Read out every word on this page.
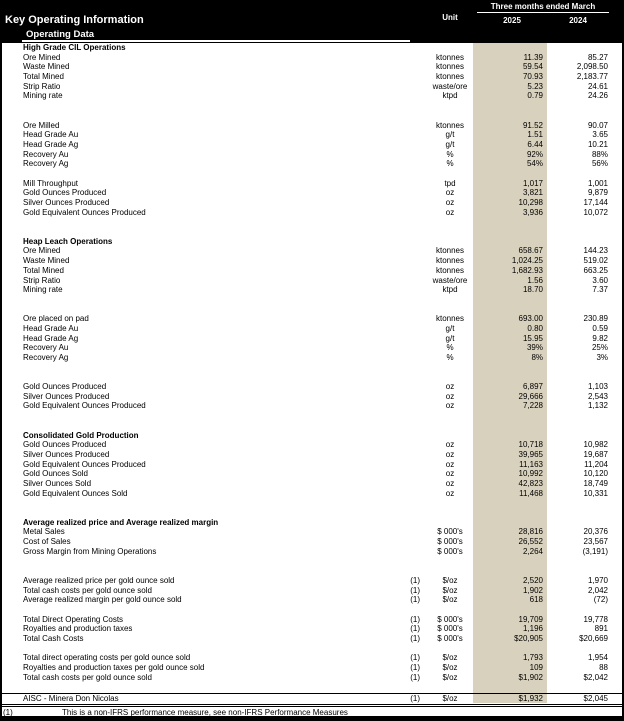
Key Operating Information
Operating Data
Unit
Three months ended March
2025	2024
High Grade CIL Operations
Ore Mined	ktonnes	11.39	85.27
Waste Mined	ktonnes	59.54	2,098.50
Total Mined	ktonnes	70.93	2,183.77
Strip Ratio	waste/ore	5.23	24.61
Mining rate	ktpd	0.79	24.26
Ore Milled	ktonnes	91.52	90.07
Head Grade Au	g/t	1.51	3.65
Head Grade Ag	g/t	6.44	10.21
Recovery Au	%	92%	88%
Recovery Ag	%	54%	56%
Mill Throughput	tpd	1,017	1,001
Gold Ounces Produced	oz	3,821	9,879
Silver Ounces Produced	oz	10,298	17,144
Gold Equivalent Ounces Produced	oz	3,936	10,072
Heap Leach Operations
Ore Mined	ktonnes	658.67	144.23
Waste Mined	ktonnes	1,024.25	519.02
Total Mined	ktonnes	1,682.93	663.25
Strip Ratio	waste/ore	1.56	3.60
Mining rate	ktpd	18.70	7.37
Ore placed on pad	ktonnes	693.00	230.89
Head Grade Au	g/t	0.80	0.59
Head Grade Ag	g/t	15.95	9.82
Recovery Au	%	39%	25%
Recovery Ag	%	8%	3%
Gold Ounces Produced	oz	6,897	1,103
Silver Ounces Produced	oz	29,666	2,543
Gold Equivalent Ounces Produced	oz	7,228	1,132
Consolidated Gold Production
Gold Ounces Produced	oz	10,718	10,982
Silver Ounces Produced	oz	39,965	19,687
Gold Equivalent Ounces Produced	oz	11,163	11,204
Gold Ounces Sold	oz	10,992	10,120
Silver Ounces Sold	oz	42,823	18,749
Gold Equivalent Ounces Sold	oz	11,468	10,331
Average realized price and Average realized margin
Metal Sales	$ 000's	28,816	20,376
Cost of Sales	$ 000's	26,552	23,567
Gross Margin from Mining Operations	$ 000's	2,264	(3,191)
Average realized price per gold ounce sold	(1)	$/oz	2,520	1,970
Total cash costs per gold ounce sold	(1)	$/oz	1,902	2,042
Average realized margin per gold ounce sold	(1)	$/oz	618	(72)
Total Direct Operating Costs	(1)	$ 000's	19,709	19,778
Royalties and production taxes	(1)	$ 000's	1,196	891
Total Cash Costs	(1)	$ 000's	$20,905	$20,669
Total direct operating costs per gold ounce sold	(1)	$/oz	1,793	1,954
Royalties and production taxes per gold ounce sold	(1)	$/oz	109	88
Total cash costs per gold ounce sold	(1)	$/oz	$1,902	$2,042
AISC - Minera Don Nicolas	(1)	$/oz	$1,932	$2,045
(1)	This is a non-IFRS performance measure, see non-IFRS Performance Measures
